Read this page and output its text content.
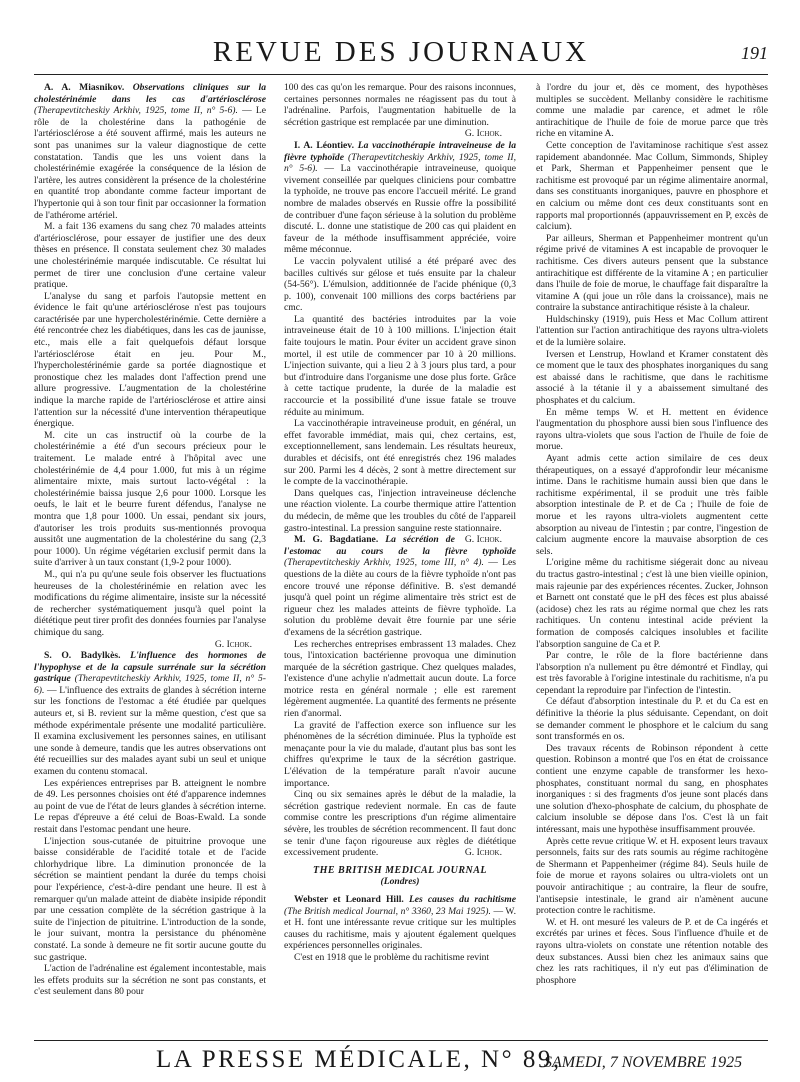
REVUE DES JOURNAUX	191

A. A. Miasnikov. Observations cliniques sur la cholestérinémie dans les cas d'artériosclérose (Therapevtitcheskiy Arkhiv, 1925, tome II, n° 5-6). — Le rôle de la cholestérine dans la pathogénie de l'artériosclérose a été souvent affirmé, mais les auteurs ne sont pas unanimes sur la valeur diagnostique de cette constatation. Tandis que les uns voient dans la cholestérinémie exagérée la conséquence de la lésion de l'artère, les autres considèrent la présence de la cholestérine en quantité trop abondante comme facteur important de l'hypertonie qui à son tour finit par occasionner la formation de l'athérome artériel.

M. a fait 136 examens du sang chez 70 malades atteints d'artériosclérose, pour essayer de justifier une des deux thèses en présence. Il constata seulement chez 30 malades une cholestérinémie marquée indiscutable. Ce résultat lui permet de tirer une conclusion d'une certaine valeur pratique.

L'analyse du sang et parfois l'autopsie mettent en évidence le fait qu'une artériosclérose n'est pas toujours caractérisée par une hypercholestérinémie. Cette dernière a été rencontrée chez les diabétiques, dans les cas de jaunisse, etc., mais elle a fait quelquefois défaut lorsque l'artériosclérose était en jeu. Pour M., l'hypercholestérinémie garde sa portée diagnostique et pronostique chez les malades dont l'affection prend une allure progressive. L'augmentation de la cholestérine indique la marche rapide de l'artériosclérose et attire ainsi l'attention sur la nécessité d'une intervention thérapeutique énergique.

M. cite un cas instructif où la courbe de la cholestérinémie a été d'un secours précieux pour le traitement. Le malade entré à l'hôpital avec une cholestérinémie de 4,4 pour 1.000, fut mis à un régime alimentaire mixte, mais surtout lacto-végétal : la cholestérinémie baissa jusque 2,6 pour 1000. Lorsque les oeufs, le lait et le beurre furent défendus, l'analyse ne montra que 1,8 pour 1000. Un essai, pendant six jours, d'autoriser les trois produits sus-mentionnés provoqua aussitôt une augmentation de la cholestérine du sang (2,3 pour 1000). Un régime végétarien exclusif permit dans la suite d'arriver à un taux constant (1,9-2 pour 1000).

M., qui n'a pu qu'une seule fois observer les fluctuations heureuses de la cholestérinémie en relation avec les modifications du régime alimentaire, insiste sur la nécessité de rechercher systématiquement jusqu'à quel point la diététique peut tirer profit des données fournies par l'analyse chimique du sang.

G. Ichok.

S. O. Badylkès. L'influence des hormones de l'hypophyse et de la capsule surrénale sur la sécrétion gastrique (Therapevtitcheskiy Arkhiv, 1925, tome II, n° 5-6). — L'influence des extraits de glandes à sécrétion interne sur les fonctions de l'estomac a été étudiée par quelques auteurs et, si B. revient sur la même question, c'est que sa méthode expérimentale présente une modalité particulière. Il examina exclusivement les personnes saines, en utilisant une sonde à demeure, tandis que les autres observations ont été recueillies sur des malades ayant subi un seul et unique examen du contenu stomacal.

Les expériences entreprises par B. atteignent le nombre de 49. Les personnes choisies ont été d'apparence indemnes au point de vue de l'état de leurs glandes à sécrétion interne. Le repas d'épreuve a été celui de Boas-Ewald. La sonde restait dans l'estomac pendant une heure.

L'injection sous-cutanée de pituitrine provoque une baisse considérable de l'acidité totale et de l'acide chlorhydrique libre. La diminution prononcée de la sécrétion se maintient pendant la durée du temps choisi pour l'expérience, c'est-à-dire pendant une heure. Il est à remarquer qu'un malade atteint de diabète insipide répondit par une cessation complète de la sécrétion gastrique à la suite de l'injection de pituitrine. L'introduction de la sonde, le jour suivant, montra la persistance du phénomène constaté. La sonde à demeure ne fit sortir aucune goutte du suc gastrique.

L'action de l'adrénaline est également incontestable, mais les effets produits sur la sécrétion ne sont pas constants, et c'est seulement dans 80 pour

100 des cas qu'on les remarque. Pour des raisons inconnues, certaines personnes normales ne réagissent pas du tout à l'adrénaline. Parfois, l'augmentation habituelle de la sécrétion gastrique est remplacée par une diminution.

G. Ichok.

I. A. Léontiev. La vaccinothérapie intraveineuse de la fièvre typhoïde (Therapevtitcheskiy Arkhiv, 1925, tome II, n° 5-6). — La vaccinothérapie intraveineuse, quoique vivement conseillée par quelques cliniciens pour combattre la typhoïde, ne trouve pas encore l'accueil mérité. Le grand nombre de malades observés en Russie offre la possibilité de contribuer d'une façon sérieuse à la solution du problème discuté. L. donne une statistique de 200 cas qui plaident en faveur de la méthode insuffisamment appréciée, voire même méconnue.

Le vaccin polyvalent utilisé a été préparé avec des bacilles cultivés sur gélose et tués ensuite par la chaleur (54-56°). L'émulsion, additionnée de l'acide phénique (0,3 p. 100), convenait 100 millions des corps bactériens par cmc.

La quantité des bactéries introduites par la voie intraveineuse était de 10 à 100 millions. L'injection était faite toujours le matin. Pour éviter un accident grave sinon mortel, il est utile de commencer par 10 à 20 millions. L'injection suivante, qui a lieu 2 à 3 jours plus tard, a pour but d'introduire dans l'organisme une dose plus forte. Grâce à cette tactique prudente, la durée de la maladie est raccourcie et la possibilité d'une issue fatale se trouve réduite au minimum.

La vaccinothérapie intraveineuse produit, en général, un effet favorable immédiat, mais qui, chez certains, est, exceptionnellement, sans lendemain. Les résultats heureux, durables et décisifs, ont été enregistrés chez 196 malades sur 200. Parmi les 4 décès, 2 sont à mettre directement sur le compte de la vaccinothérapie.

Dans quelques cas, l'injection intraveineuse déclenche une réaction violente. La courbe thermique attire l'attention du médecin, de même que les troubles du côté de l'appareil gastro-intestinal. La pression sanguine reste stationnaire.
G. Ichok.

M. G. Bagdatiane. La sécrétion de l'estomac au cours de la fièvre typhoïde (Therapevtitcheskiy Arkhiv, 1925, tome III, n° 4). — Les questions de la diète au cours de la fièvre typhoïde n'ont pas encore trouvé une réponse définitive. B. s'est demandé jusqu'à quel point un régime alimentaire très strict est de rigueur chez les malades atteints de fièvre typhoïde. La solution du problème devait être fournie par une série d'examens de la sécrétion gastrique.

Les recherches entreprises embrassent 13 malades. Chez tous, l'intoxication bactérienne provoqua une diminution marquée de la sécrétion gastrique. Chez quelques malades, l'existence d'une achylie n'admettait aucun doute. La force motrice resta en général normale ; elle est rarement légèrement augmentée. La quantité des ferments ne présente rien d'anormal.

La gravité de l'affection exerce son influence sur les phénomènes de la sécrétion diminuée. Plus la typhoïde est menaçante pour la vie du malade, d'autant plus bas sont les chiffres qu'exprime le taux de la sécrétion gastrique. L'élévation de la température paraît n'avoir aucune importance.

Cinq ou six semaines après le début de la maladie, la sécrétion gastrique redevient normale. En cas de faute commise contre les prescriptions d'un régime alimentaire sévère, les troubles de sécrétion recommencent. Il faut donc se tenir d'une façon rigoureuse aux règles de diététique excessivement prudente.	G. Ichok.

THE BRITISH MEDICAL JOURNAL

(Londres)

Webster et Leonard Hill. Les causes du rachitisme (The British medical Journal, n° 3360, 23 Mai 1925). — W. et H. font une intéressante revue critique sur les multiples causes du rachitisme, mais y ajoutent également quelques expériences personnelles originales.

C'est en 1918 que le problème du rachitisme revint

à l'ordre du jour et, dès ce moment, des hypothèses multiples se succèdent. Mellanby considère le rachitisme comme une maladie par carence, et admet le rôle antirachitique de l'huile de foie de morue parce que très riche en vitamine A.

Cette conception de l'avitaminose rachitique s'est assez rapidement abandonnée. Mac Collum, Simmonds, Shipley et Park, Sherman et Pappenheimer pensent que le rachitisme est provoqué par un régime alimentaire anormal, dans ses constituants inorganiques, pauvre en phosphore et en calcium ou même dont ces deux constituants sont en rapports mal proportionnés (appauvrissement en P, excès de calcium).

Par ailleurs, Sherman et Pappenheimer montrent qu'un régime privé de vitamines A est incapable de provoquer le rachitisme. Ces divers auteurs pensent que la substance antirachitique est différente de la vitamine A ; en particulier dans l'huile de foie de morue, le chauffage fait disparaître la vitamine A (qui joue un rôle dans la croissance), mais ne contraire la substance antirachitique résiste à la chaleur.

Huldschinsky (1919), puis Hess et Mac Collum attirent l'attention sur l'action antirachitique des rayons ultra-violets et de la lumière solaire.

Iversen et Lenstrup, Howland et Kramer constatent dès ce moment que le taux des phosphates inorganiques du sang est abaissé dans le rachitisme, que dans le rachitisme associé à la tétanie il y a abaissement simultané des phosphates et du calcium.

En même temps W. et H. mettent en évidence l'augmentation du phosphore aussi bien sous l'influence des rayons ultra-violets que sous l'action de l'huile de foie de morue.

Ayant admis cette action similaire de ces deux thérapeutiques, on a essayé d'approfondir leur mécanisme intime. Dans le rachitisme humain aussi bien que dans le rachitisme expérimental, il se produit une très faible absorption intestinale de P. et de Ca ; l'huile de foie de morue et les rayons ultra-violets augmentent cette absorption au niveau de l'intestin ; par contre, l'ingestion de calcium augmente encore la mauvaise absorption de ces sels.

L'origine même du rachitisme siégerait donc au niveau du tractus gastro-intestinal ; c'est là une bien vieille opinion, mais rajeunie par des expériences récentes. Zucker, Johnson et Barnett ont constaté que le pH des fèces est plus abaissé (acidose) chez les rats au régime normal que chez les rats rachitiques. Un contenu intestinal acide prévient la formation de composés calciques insolubles et facilite l'absorption sanguine de Ca et P.

Par contre, le rôle de la flore bactérienne dans l'absorption n'a nullement pu être démontré et Findlay, qui est très favorable à l'origine intestinale du rachitisme, n'a pu cependant la reproduire par l'infection de l'intestin.

Ce défaut d'absorption intestinale du P. et du Ca est en définitive la théorie la plus séduisante. Cependant, on doit se demander comment le phosphore et le calcium du sang sont transformés en os.

Des travaux récents de Robinson répondent à cette question. Robinson a montré que l'os en état de croissance contient une enzyme capable de transformer les hexo-phosphates, constituant normal du sang, en phosphates inorganiques : si des fragments d'os jeune sont placés dans une solution d'hexo-phosphate de calcium, du phosphate de calcium insoluble se dépose dans l'os. C'est là un fait intéressant, mais une hypothèse insuffisamment prouvée.

Après cette revue critique W. et H. exposent leurs travaux personnels, faits sur des rats soumis au régime rachitogène de Shermann et Pappenheimer (régime 84). Seuls huile de foie de morue et rayons solaires ou ultra-violets ont un pouvoir antirachitique ; au contraire, la fleur de soufre, l'antisepsie intestinale, le grand air n'amènent aucune protection contre le rachitisme.

W. et H. ont mesuré les valeurs de P. et de Ca ingérés et excrétés par urines et fèces. Sous l'influence d'huile et de rayons ultra-violets on constate une rétention notable des deux substances. Aussi bien chez les animaux sains que chez les rats rachitiques, il n'y eut pas d'élimination de phosphore

LA PRESSE MÉDICALE, N° 89,
SAMEDI, 7 NOVEMBRE 1925
